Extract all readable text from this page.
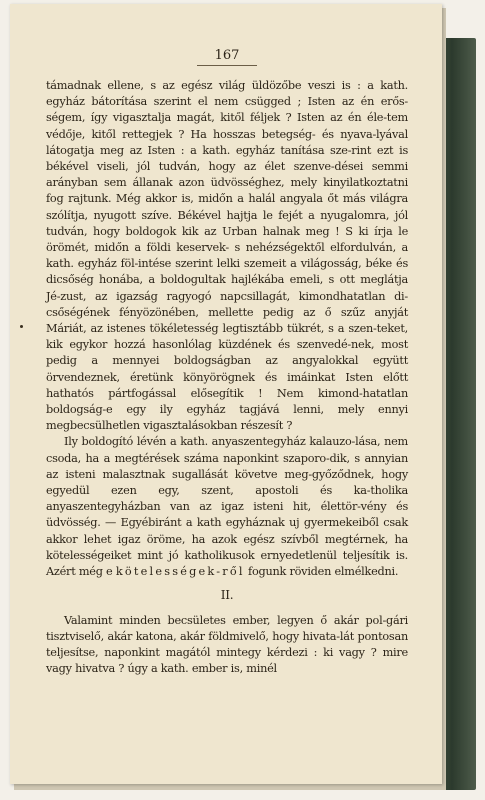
167

támadnak ellene, s az egész világ üldözőbe veszi is : a kath. egyház bátorítása szerint el nem csügged ; Isten az én erős-ségem, így vigasztalja magát, kitől féljek ? Isten az én éle-tem védője, kitől rettegjek ? Ha hosszas betegség- és nyava-lyával látogatja meg az Isten : a kath. egyház tanítása sze-rint ezt is békével viseli, jól tudván, hogy az élet szenve-dései semmi arányban sem állanak azon üdvösséghez, mely kinyilatkoztatni fog rajtunk. Még akkor is, midőn a halál angyala őt más világra szólítja, nyugott szíve. Békével hajtja le fejét a nyugalomra, jól tudván, hogy boldogok kik az Urban halnak meg ! S ki írja le örömét, midőn a földi keservek- s nehézségektől elfordulván, a kath. egyház föl-intése szerint lelki szemeit a világosság, béke és dicsőség honába, a boldogultak hajlékába emeli, s ott meglátja Jé-zust, az igazság ragyogó napcsillagát, kimondhatatlan di-csőségének fényözönében, mellette pedig az ő szűz anyját Máriát, az istenes tökéletesség legtisztább tükrét, s a szen-teket, kik egykor hozzá hasonlólag küzdének és szenvedé-nek, most pedig a mennyei boldogságban az angyalokkal együtt örvendeznek, éretünk könyörögnek és imáinkat Isten előtt hathatós pártfogással elősegítik ! Nem kimond-hatatlan boldogság-e egy ily egyház tagjává lenni, mely ennyi megbecsülhetlen vigasztalásokban részesít ?

Ily boldogító lévén a kath. anyaszentegyház kalauzo-lása, nem csoda, ha a megtérések száma naponkint szaporo-dik, s annyian az isteni malasztnak sugallását követve meg-győződnek, hogy egyedül ezen egy, szent, apostoli és ka-tholika anyaszentegyházban van az igaz isteni hit, élettör-vény és üdvösség. — Egyébiránt a kath egyháznak uj gyermekeiből csak akkor lehet igaz öröme, ha azok egész szívből megtérnek, ha kötelességeiket mint jó katholikusok ernyedetlenül teljesítik is. Azért még e kötelességek-ről fogunk röviden elmélkedni.

II.

Valamint minden becsületes ember, legyen ő akár pol-gári tisztviselő, akár katona, akár földmivelő, hogy hivata-lát pontosan teljesítse, naponkint magától mintegy kérdezi : ki vagy ? mire vagy hivatva ? úgy a kath. ember is, minél
